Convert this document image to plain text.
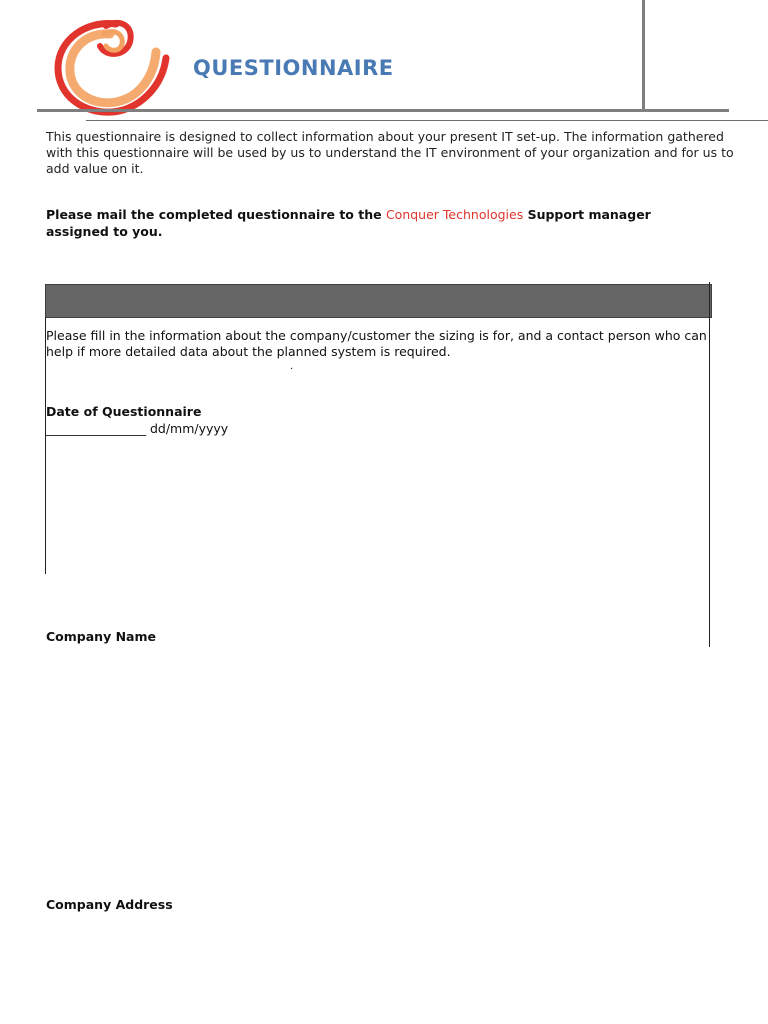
QUESTIONNAIRE

This questionnaire is designed to collect information about your present IT set-up. The information gathered with this questionnaire will be used by us to understand the IT environment of your organization and for us to add value on it.

Please mail the completed questionnaire to the Conquer Technologies Support manager assigned to you.
Please fill in the information about the company/customer the sizing is for, and a contact person who can help if more detailed data about the planned system is required.
.
Date of Questionnaire
________________ dd/mm/yyyy
Company Name
Company Address
